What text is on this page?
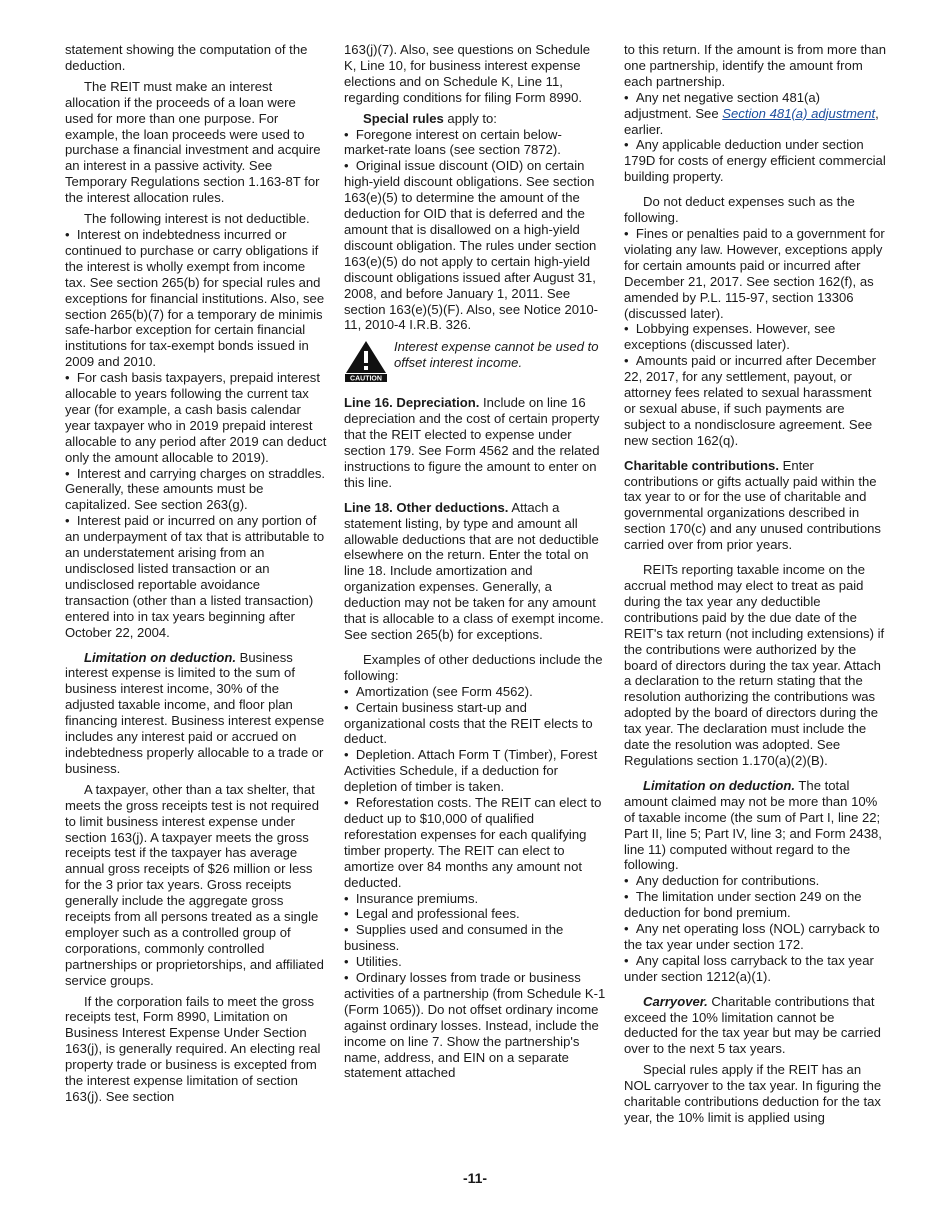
statement showing the computation of the deduction.

The REIT must make an interest allocation if the proceeds of a loan were used for more than one purpose. For example, the loan proceeds were used to purchase a financial investment and acquire an interest in a passive activity. See Temporary Regulations section 1.163-8T for the interest allocation rules.

The following interest is not deductible.

•  Interest on indebtedness incurred or continued to purchase or carry obligations if the interest is wholly exempt from income tax. See section 265(b) for special rules and exceptions for financial institutions. Also, see section 265(b)(7) for a temporary de minimis safe-harbor exception for certain financial institutions for tax-exempt bonds issued in 2009 and 2010.

•  For cash basis taxpayers, prepaid interest allocable to years following the current tax year (for example, a cash basis calendar year taxpayer who in 2019 prepaid interest allocable to any period after 2019 can deduct only the amount allocable to 2019).

•  Interest and carrying charges on straddles. Generally, these amounts must be capitalized. See section 263(g).

•  Interest paid or incurred on any portion of an underpayment of tax that is attributable to an understatement arising from an undisclosed listed transaction or an undisclosed reportable avoidance transaction (other than a listed transaction) entered into in tax years beginning after October 22, 2004.

Limitation on deduction. Business interest expense is limited to the sum of business interest income, 30% of the adjusted taxable income, and floor plan financing interest. Business interest expense includes any interest paid or accrued on indebtedness properly allocable to a trade or business.

A taxpayer, other than a tax shelter, that meets the gross receipts test is not required to limit business interest expense under section 163(j). A taxpayer meets the gross receipts test if the taxpayer has average annual gross receipts of $26 million or less for the 3 prior tax years. Gross receipts generally include the aggregate gross receipts from all persons treated as a single employer such as a controlled group of corporations, commonly controlled partnerships or proprietorships, and affiliated service groups.

If the corporation fails to meet the gross receipts test, Form 8990, Limitation on Business Interest Expense Under Section 163(j), is generally required. An electing real property trade or business is excepted from the interest expense limitation of section 163(j). See section

163(j)(7). Also, see questions on Schedule K, Line 10, for business interest expense elections and on Schedule K, Line 11, regarding conditions for filing Form 8990.

Special rules apply to:

•  Foregone interest on certain below-market-rate loans (see section 7872).

•  Original issue discount (OID) on certain high-yield discount obligations. See section 163(e)(5) to determine the amount of the deduction for OID that is deferred and the amount that is disallowed on a high-yield discount obligation. The rules under section 163(e)(5) do not apply to certain high-yield discount obligations issued after August 31, 2008, and before January 1, 2011. See section 163(e)(5)(F). Also, see Notice 2010-11, 2010-4 I.R.B. 326.

CAUTION
Interest expense cannot be used to offset interest income.

Line 16. Depreciation. Include on line 16 depreciation and the cost of certain property that the REIT elected to expense under section 179. See Form 4562 and the related instructions to figure the amount to enter on this line.

Line 18. Other deductions. Attach a statement listing, by type and amount all allowable deductions that are not deductible elsewhere on the return. Enter the total on line 18. Include amortization and organization expenses. Generally, a deduction may not be taken for any amount that is allocable to a class of exempt income. See section 265(b) for exceptions.

Examples of other deductions include the following:

•  Amortization (see Form 4562).

•  Certain business start-up and organizational costs that the REIT elects to deduct.

•  Depletion. Attach Form T (Timber), Forest Activities Schedule, if a deduction for depletion of timber is taken.

•  Reforestation costs. The REIT can elect to deduct up to $10,000 of qualified reforestation expenses for each qualifying timber property. The REIT can elect to amortize over 84 months any amount not deducted.

•  Insurance premiums.

•  Legal and professional fees.

•  Supplies used and consumed in the business.

•  Utilities.

•  Ordinary losses from trade or business activities of a partnership (from Schedule K-1 (Form 1065)). Do not offset ordinary income against ordinary losses. Instead, include the income on line 7. Show the partnership's name, address, and EIN on a separate statement attached

to this return. If the amount is from more than one partnership, identify the amount from each partnership.

•  Any net negative section 481(a) adjustment. See Section 481(a) adjustment, earlier.

•  Any applicable deduction under section 179D for costs of energy efficient commercial building property.

Do not deduct expenses such as the following.

•  Fines or penalties paid to a government for violating any law. However, exceptions apply for certain amounts paid or incurred after December 21, 2017. See section 162(f), as amended by P.L. 115-97, section 13306 (discussed later).

•  Lobbying expenses. However, see exceptions (discussed later).

•  Amounts paid or incurred after December 22, 2017, for any settlement, payout, or attorney fees related to sexual harassment or sexual abuse, if such payments are subject to a nondisclosure agreement. See new section 162(q).

Charitable contributions. Enter contributions or gifts actually paid within the tax year to or for the use of charitable and governmental organizations described in section 170(c) and any unused contributions carried over from prior years.

REITs reporting taxable income on the accrual method may elect to treat as paid during the tax year any deductible contributions paid by the due date of the REIT's tax return (not including extensions) if the contributions were authorized by the board of directors during the tax year. Attach a declaration to the return stating that the resolution authorizing the contributions was adopted by the board of directors during the tax year. The declaration must include the date the resolution was adopted. See Regulations section 1.170(a)(2)(B).

Limitation on deduction. The total amount claimed may not be more than 10% of taxable income (the sum of Part I, line 22; Part II, line 5; Part IV, line 3; and Form 2438, line 11) computed without regard to the following.

•  Any deduction for contributions.

•  The limitation under section 249 on the deduction for bond premium.

•  Any net operating loss (NOL) carryback to the tax year under section 172.

•  Any capital loss carryback to the tax year under section 1212(a)(1).

Carryover. Charitable contributions that exceed the 10% limitation cannot be deducted for the tax year but may be carried over to the next 5 tax years.

Special rules apply if the REIT has an NOL carryover to the tax year. In figuring the charitable contributions deduction for the tax year, the 10% limit is applied using

-11-
